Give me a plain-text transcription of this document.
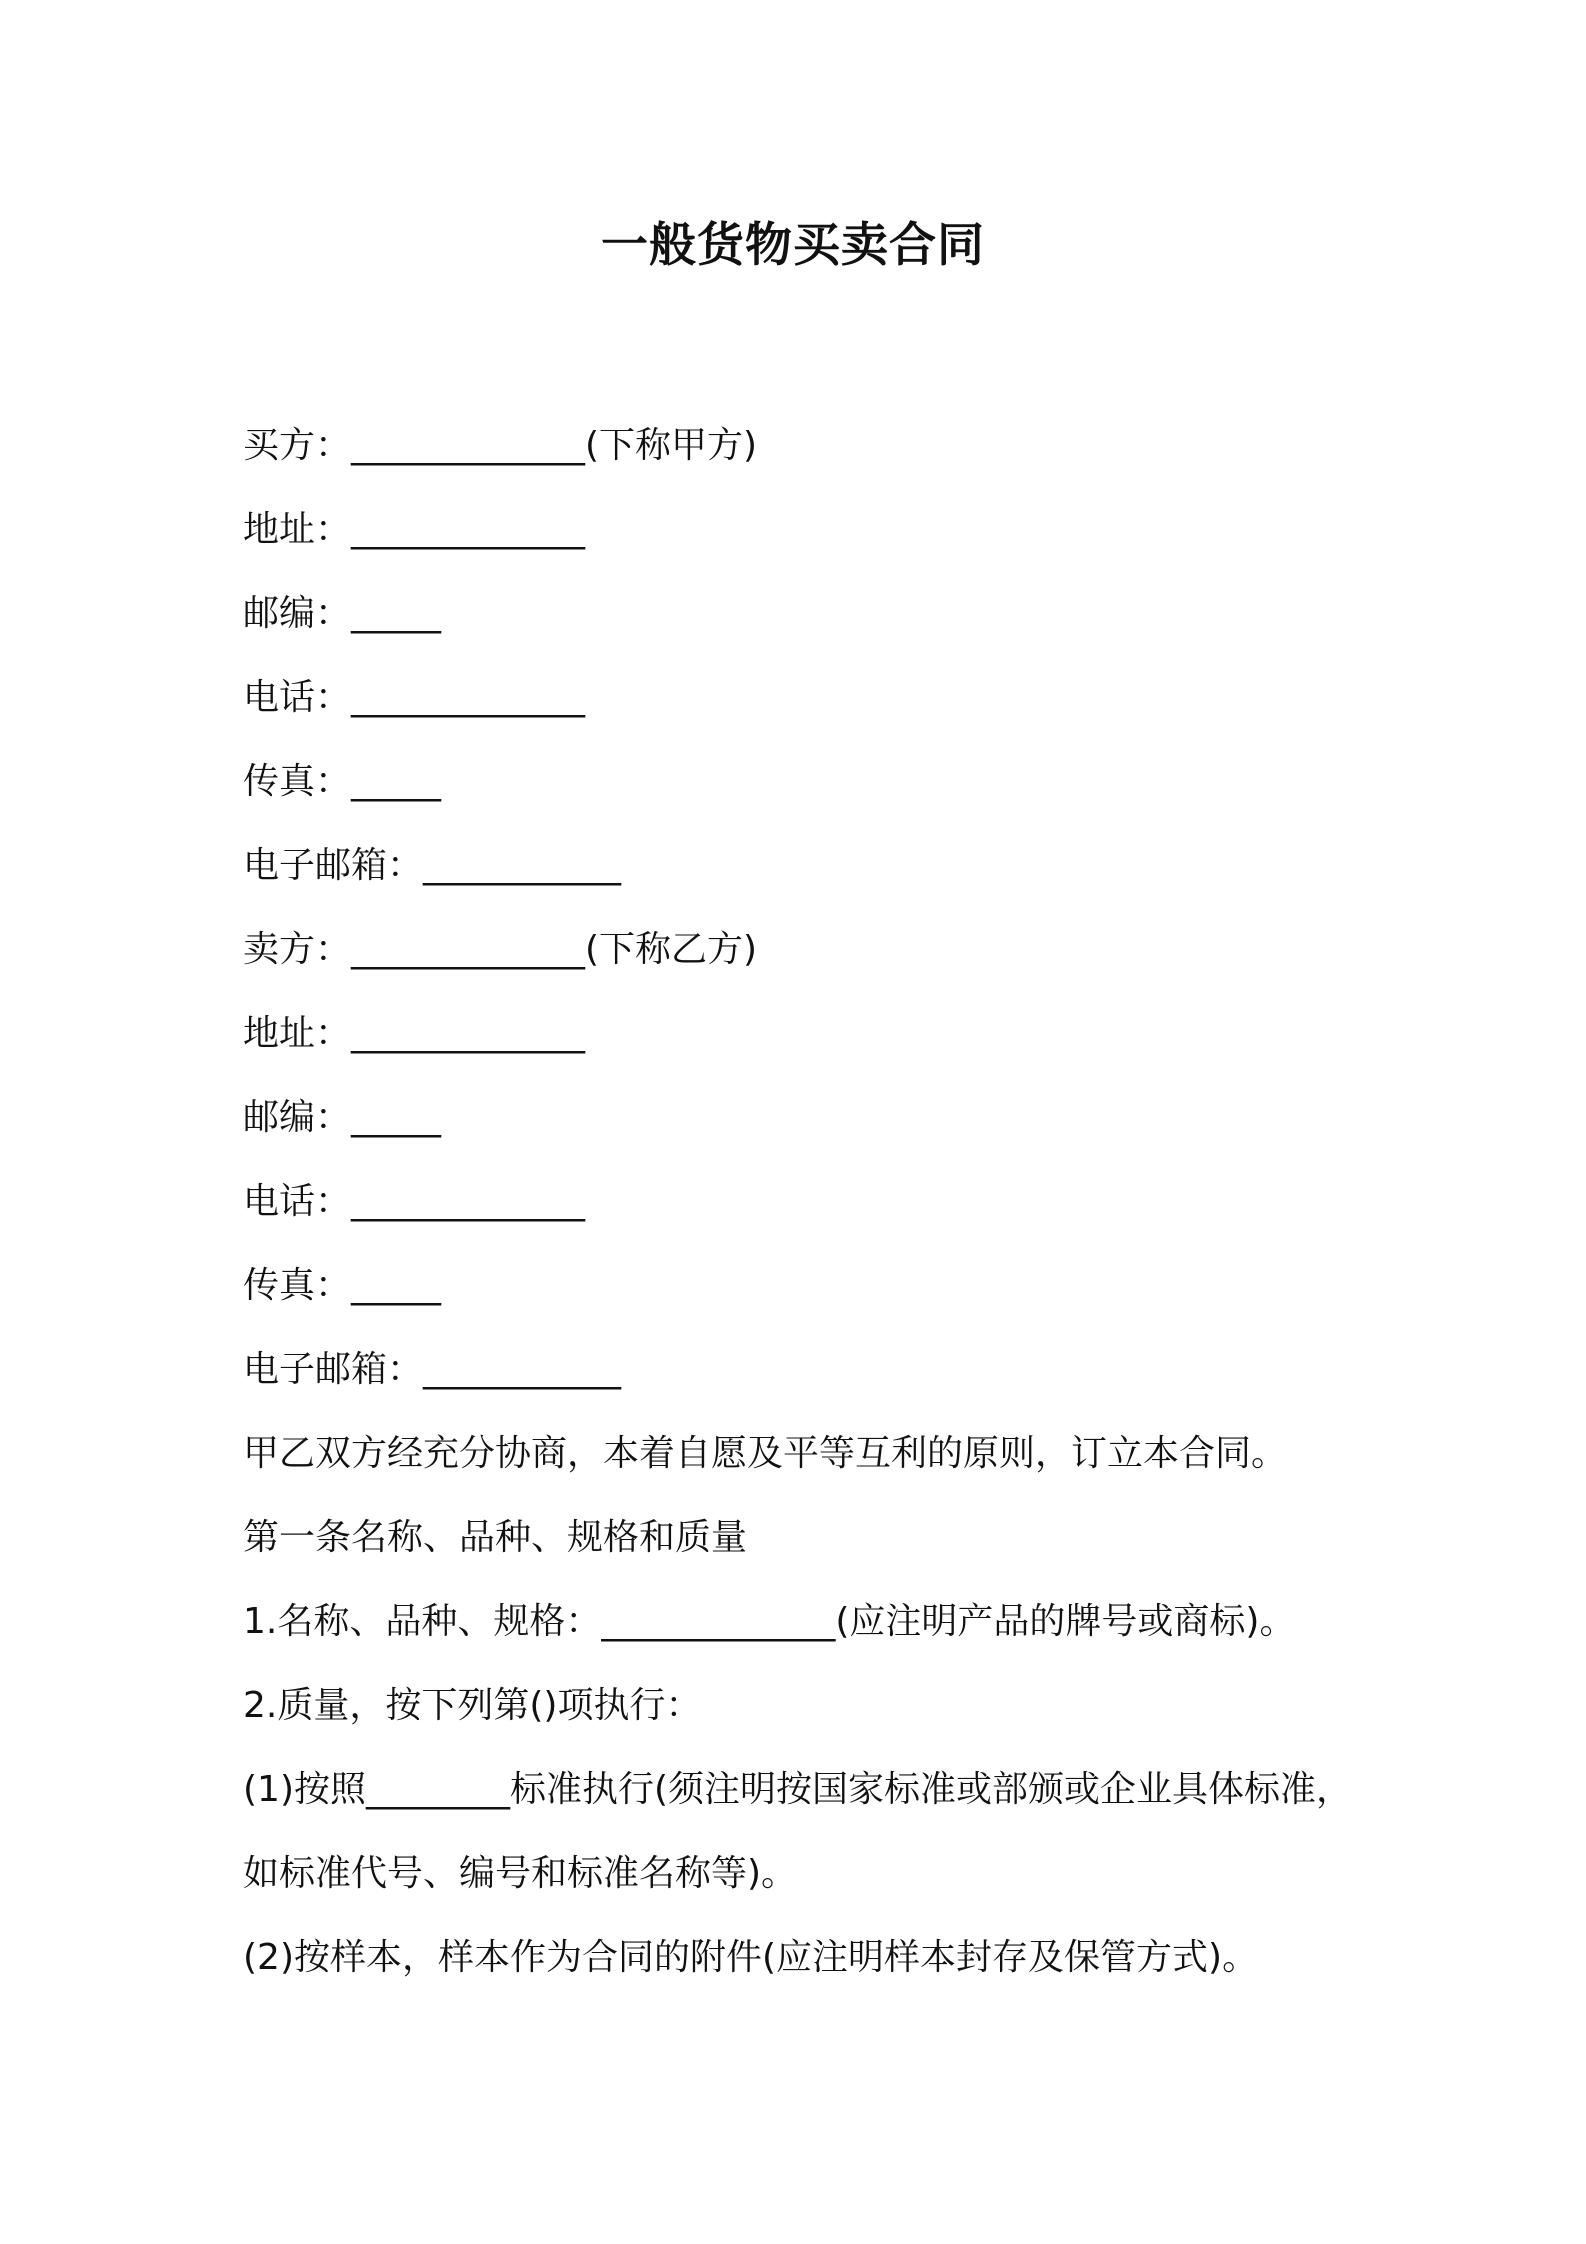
一般货物买卖合同
买方：_____________(下称甲方)
地址：_____________
邮编：_____
电话：_____________
传真：_____
电子邮箱：___________
卖方：_____________(下称乙方)
地址：_____________
邮编：_____
电话：_____________
传真：_____
电子邮箱：___________
甲乙双方经充分协商，本着自愿及平等互利的原则，订立本合同。
第一条名称、品种、规格和质量
1.名称、品种、规格：_____________(应注明产品的牌号或商标)。
2.质量，按下列第()项执行：
(1)按照________标准执行(须注明按国家标准或部颁或企业具体标准，
如标准代号、编号和标准名称等)。
(2)按样本，样本作为合同的附件(应注明样本封存及保管方式)。
